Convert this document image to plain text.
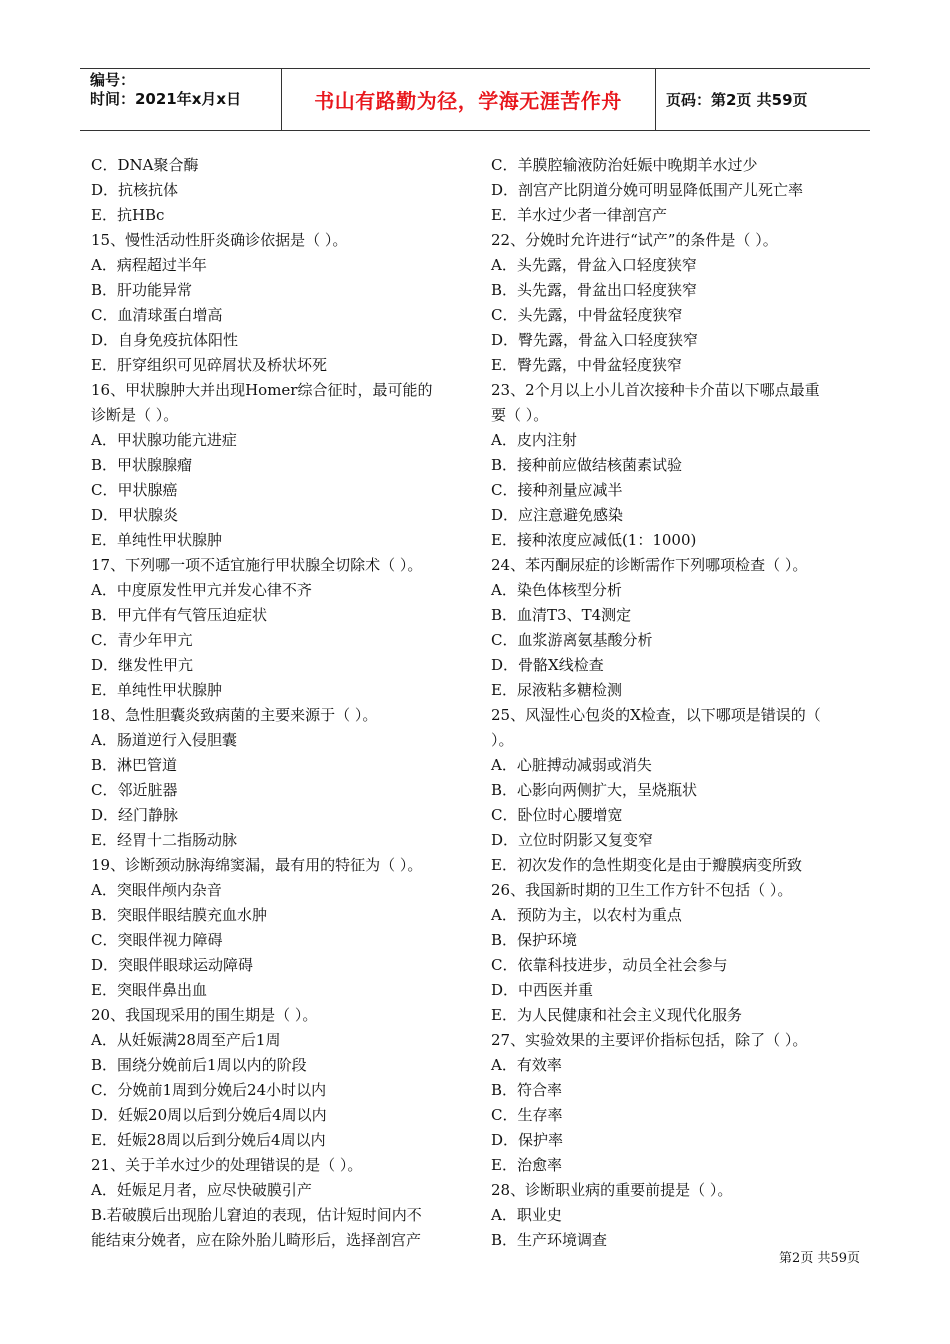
编号：
时间：2021年x月x日	书山有路勤为径，学海无涯苦作舟	页码：第2页 共59页
C．DNA聚合酶
D．抗核抗体
E．抗HBc
15、慢性活动性肝炎确诊依据是（ ）。
A．病程超过半年
B．肝功能异常
C．血清球蛋白增高
D．自身免疫抗体阳性
E．肝穿组织可见碎屑状及桥状坏死
16、甲状腺肿大并出现Homer综合征时，最可能的
诊断是（ ）。
A．甲状腺功能亢进症
B．甲状腺腺瘤
C．甲状腺癌
D．甲状腺炎
E．单纯性甲状腺肿
17、下列哪一项不适宜施行甲状腺全切除术（ ）。
A．中度原发性甲亢并发心律不齐
B．甲亢伴有气管压迫症状
C．青少年甲亢
D．继发性甲亢
E．单纯性甲状腺肿
18、急性胆囊炎致病菌的主要来源于（ ）。
A．肠道逆行入侵胆囊
B．淋巴管道
C．邻近脏器
D．经门静脉
E．经胃十二指肠动脉
19、诊断颈动脉海绵窦漏，最有用的特征为（ ）。
A．突眼伴颅内杂音
B．突眼伴眼结膜充血水肿
C．突眼伴视力障碍
D．突眼伴眼球运动障碍
E．突眼伴鼻出血
20、我国现采用的围生期是（ ）。
A．从妊娠满28周至产后1周
B．围绕分娩前后1周以内的阶段
C．分娩前1周到分娩后24小时以内
D．妊娠20周以后到分娩后4周以内
E．妊娠28周以后到分娩后4周以内
21、关于羊水过少的处理错误的是（ ）。
A．妊娠足月者，应尽快破膜引产
B.若破膜后出现胎儿窘迫的表现，估计短时间内不
能结束分娩者，应在除外胎儿畸形后，选择剖宫产
C．羊膜腔输液防治妊娠中晚期羊水过少
D．剖宫产比阴道分娩可明显降低围产儿死亡率
E．羊水过少者一律剖宫产
22、分娩时允许进行“试产”的条件是（ ）。
A．头先露，骨盆入口轻度狭窄
B．头先露，骨盆出口轻度狭窄
C．头先露，中骨盆轻度狭窄
D．臀先露，骨盆入口轻度狭窄
E．臀先露，中骨盆轻度狭窄
23、2个月以上小儿首次接种卡介苗以下哪点最重
要（ ）。
A．皮内注射
B．接种前应做结核菌素试验
C．接种剂量应减半
D．应注意避免感染
E．接种浓度应减低(1：1000)
24、苯丙酮尿症的诊断需作下列哪项检查（ ）。
A．染色体核型分析
B．血清T3、T4测定
C．血浆游离氨基酸分析
D．骨骼X线检查
E．尿液粘多糖检测
25、风湿性心包炎的X检查，以下哪项是错误的（
）。
A．心脏搏动减弱或消失
B．心影向两侧扩大，呈烧瓶状
C．卧位时心腰增宽
D．立位时阴影又复变窄
E．初次发作的急性期变化是由于瓣膜病变所致
26、我国新时期的卫生工作方针不包括（ ）。
A．预防为主，以农村为重点
B．保护环境
C．依靠科技进步，动员全社会参与
D．中西医并重
E．为人民健康和社会主义现代化服务
27、实验效果的主要评价指标包括，除了（ ）。
A．有效率
B．符合率
C．生存率
D．保护率
E．治愈率
28、诊断职业病的重要前提是（ ）。
A．职业史
B．生产环境调查
第2页 共59页
